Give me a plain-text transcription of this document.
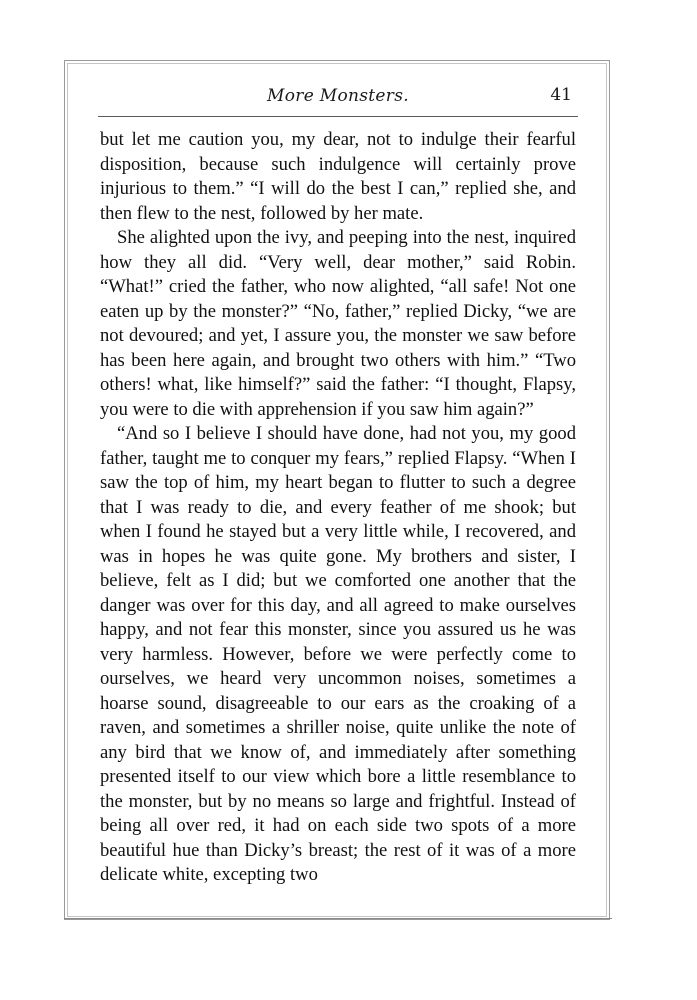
More Monsters.	41

but let me caution you, my dear, not to indulge their fearful disposition, because such indulgence will certainly prove injurious to them.” “I will do the best I can,” replied she, and then flew to the nest, followed by her mate.

She alighted upon the ivy, and peeping into the nest, inquired how they all did. “Very well, dear mother,” said Robin. “What!” cried the father, who now alighted, “all safe! Not one eaten up by the monster?” “No, father,” replied Dicky, “we are not devoured; and yet, I assure you, the monster we saw before has been here again, and brought two others with him.” “Two others! what, like himself?” said the father: “I thought, Flapsy, you were to die with apprehension if you saw him again?”

“And so I believe I should have done, had not you, my good father, taught me to conquer my fears,” replied Flapsy. “When I saw the top of him, my heart began to flutter to such a degree that I was ready to die, and every feather of me shook; but when I found he stayed but a very little while, I recovered, and was in hopes he was quite gone. My brothers and sister, I believe, felt as I did; but we comforted one another that the danger was over for this day, and all agreed to make ourselves happy, and not fear this monster, since you assured us he was very harmless. However, before we were perfectly come to ourselves, we heard very uncommon noises, sometimes a hoarse sound, disagreeable to our ears as the croaking of a raven, and sometimes a shriller noise, quite unlike the note of any bird that we know of, and immediately after something presented itself to our view which bore a little resemblance to the monster, but by no means so large and frightful. Instead of being all over red, it had on each side two spots of a more beautiful hue than Dicky’s breast; the rest of it was of a more delicate white, excepting two
